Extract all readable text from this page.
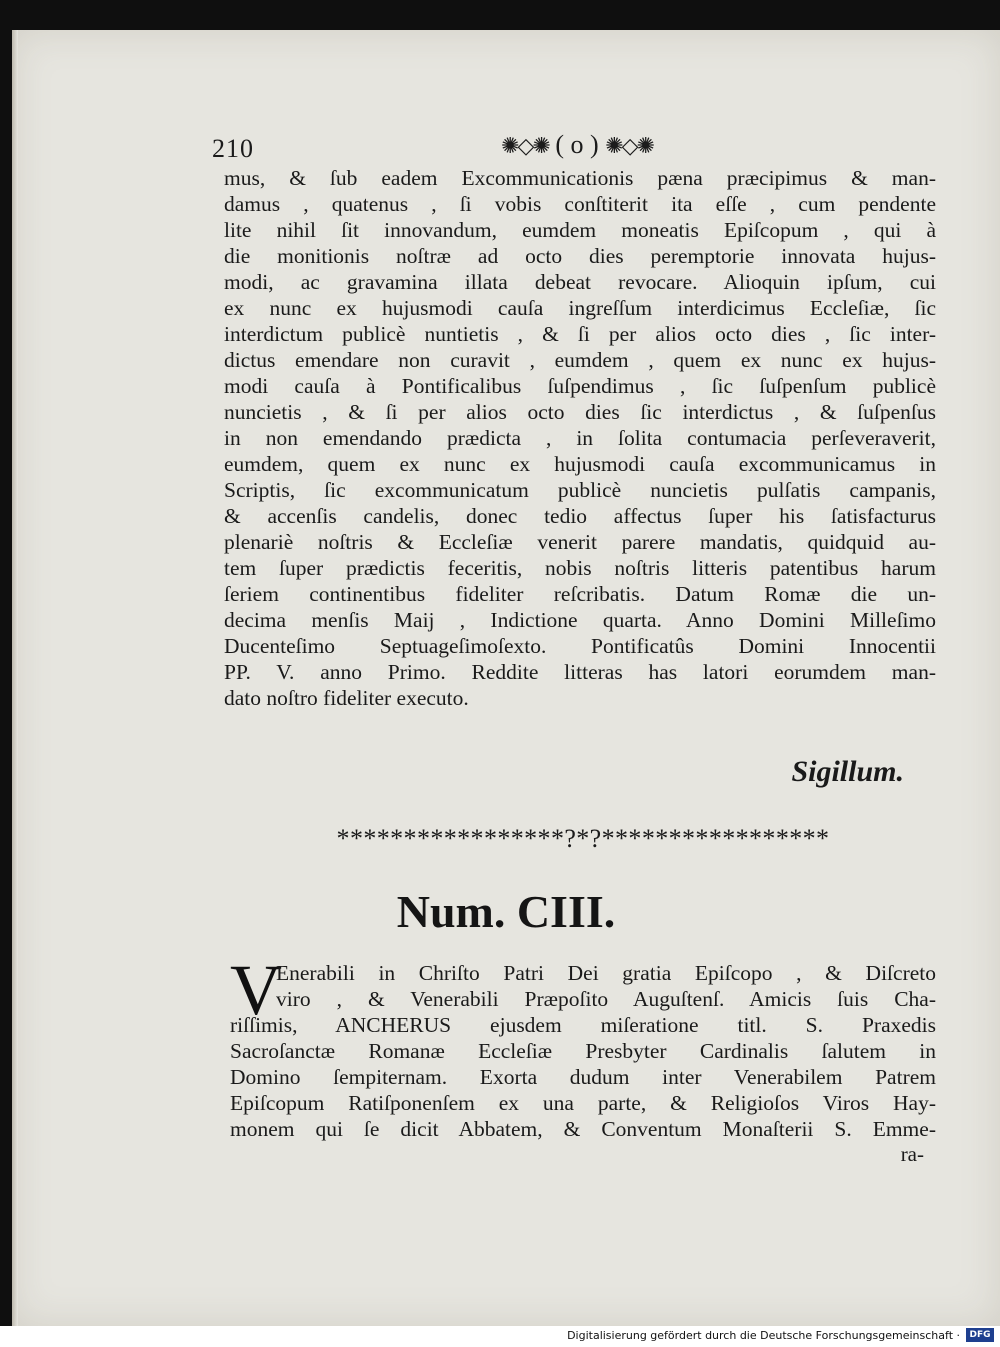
210	✺◇✺ ( o ) ✺◇✺
mus, & ſub eadem Excommunicationis pæna præcipimus & man-
damus , quatenus , ſi vobis conſtiterit ita eſſe , cum pendente
lite nihil ſit innovandum, eumdem moneatis Epiſcopum , qui à
die monitionis noſtræ ad octo dies peremptorie innovata hujus-
modi, ac gravamina illata debeat revocare. Alioquin ipſum, cui
ex nunc ex hujusmodi cauſa ingreſſum interdicimus Eccleſiæ, ſic
interdictum publicè nuntietis , & ſi per alios octo dies , ſic inter-
dictus emendare non curavit , eumdem , quem ex nunc ex hujus-
modi cauſa à Pontificalibus ſuſpendimus , ſic ſuſpenſum publicè
nuncietis , & ſi per alios octo dies ſic interdictus , & ſuſpenſus
in non emendando prædicta , in ſolita contumacia perſeveraverit,
eumdem, quem ex nunc ex hujusmodi cauſa excommunicamus in
Scriptis, ſic excommunicatum publicè nuncietis pulſatis campanis,
& accenſis candelis, donec tedio affectus ſuper his ſatisfacturus
plenariè noſtris & Eccleſiæ venerit parere mandatis, quidquid au-
tem ſuper prædictis feceritis, nobis noſtris litteris patentibus harum
ſeriem continentibus fideliter reſcribatis. Datum Romæ die un-
decima menſis Maij , Indictione quarta. Anno Domini Milleſimo
Ducenteſimo Septuageſimoſexto. Pontificatûs Domini Innocentii
PP. V. anno Primo. Reddite litteras has latori eorumdem man-
dato noſtro fideliter executo.
Sigillum.
*****************?*?*****************
Num. CIII.
V
Enerabili in Chriſto Patri Dei gratia Epiſcopo , & Diſcreto
viro , & Venerabili Præpoſito Auguſtenſ. Amicis ſuis Cha-
riſſimis, ANCHERUS ejusdem miſeratione titl. S. Praxedis
Sacroſanctæ Romanæ Eccleſiæ Presbyter Cardinalis ſalutem in
Domino ſempiternam. Exorta dudum inter Venerabilem Patrem
Epiſcopum Ratiſponenſem ex una parte, & Religioſos Viros Hay-
monem qui ſe dicit Abbatem, & Conventum Monaſterii S. Emme-
ra-
Digitalisierung gefördert durch die Deutsche Forschungsgemeinschaft ·	DFG
